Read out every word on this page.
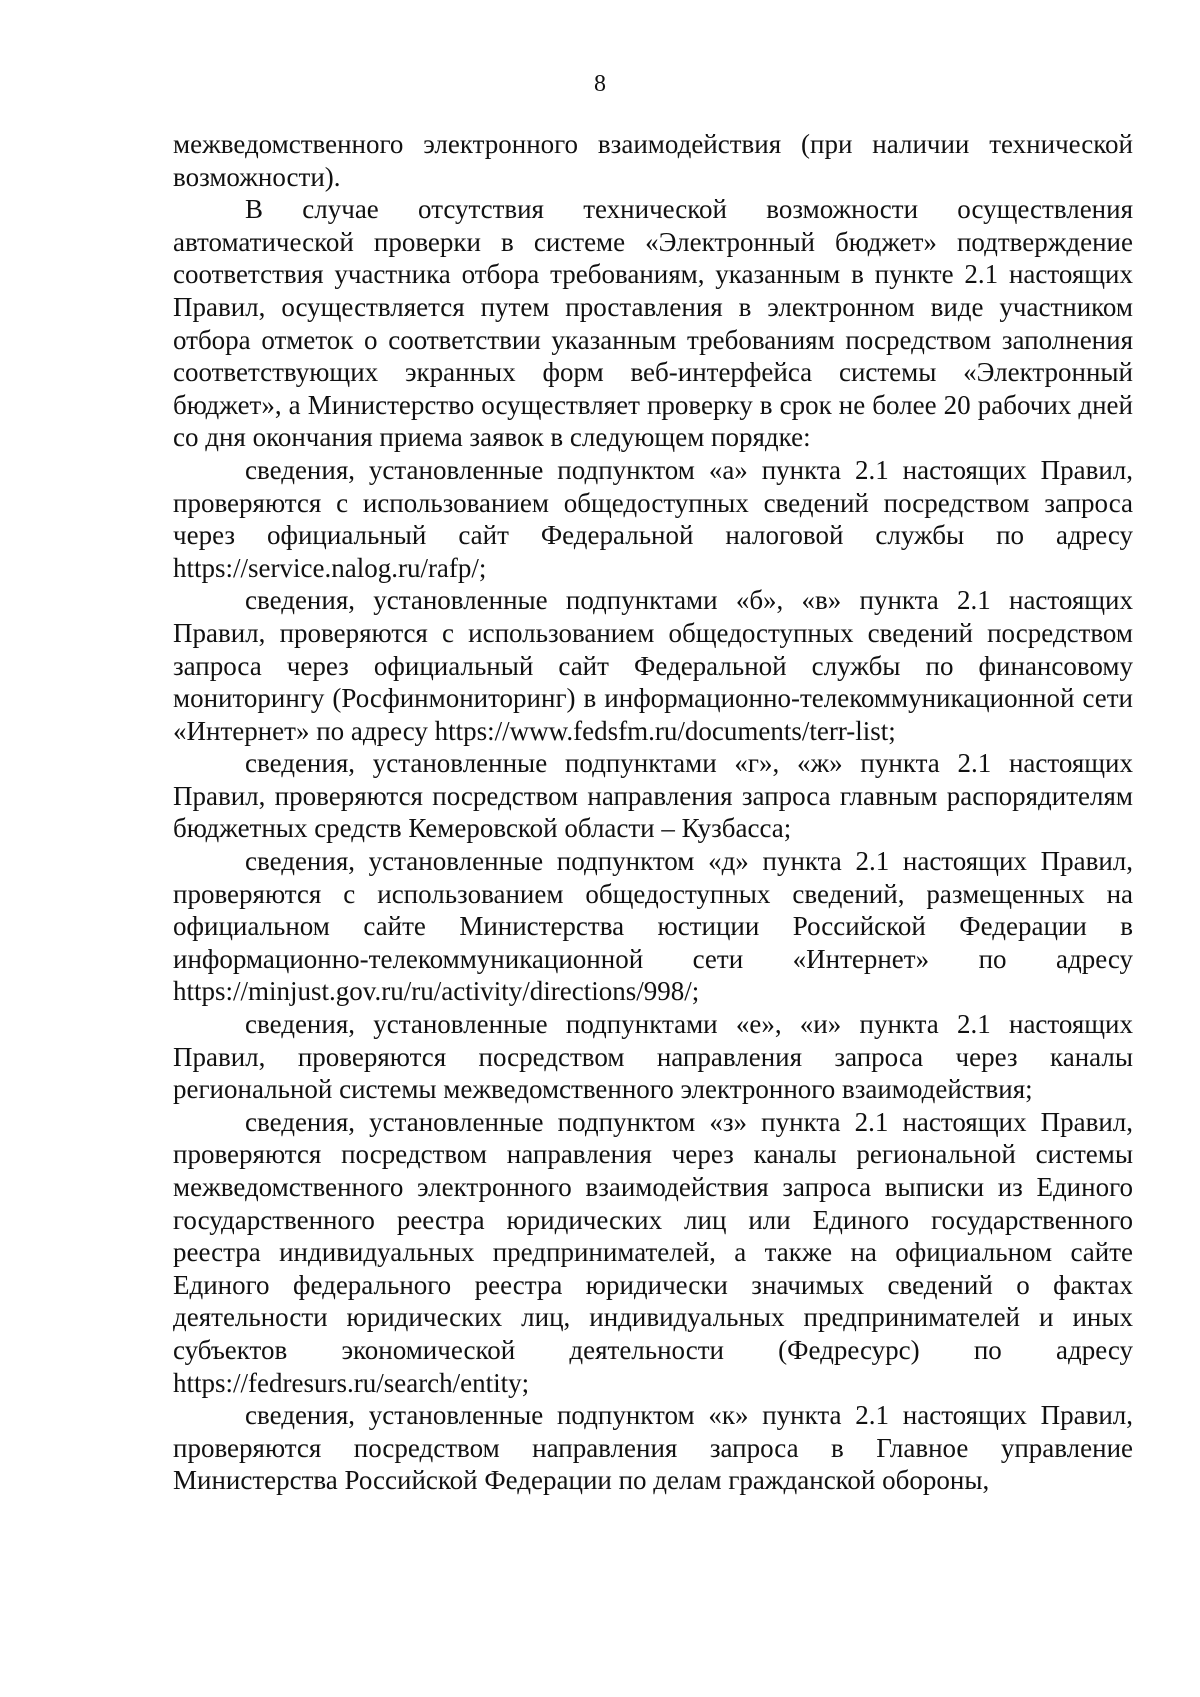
8

межведомственного электронного взаимодействия (при наличии технической возможности).

В случае отсутствия технической возможности осуществления автоматической проверки в системе «Электронный бюджет» подтверждение соответствия участника отбора требованиям, указанным в пункте 2.1 настоящих Правил, осуществляется путем проставления в электронном виде участником отбора отметок о соответствии указанным требованиям посредством заполнения соответствующих экранных форм веб-интерфейса системы «Электронный бюджет», а Министерство осуществляет проверку в срок не более 20 рабочих дней со дня окончания приема заявок в следующем порядке:

сведения, установленные подпунктом «а» пункта 2.1 настоящих Правил, проверяются с использованием общедоступных сведений посредством запроса через официальный сайт Федеральной налоговой службы по адресу https://service.nalog.ru/rafp/;

сведения, установленные подпунктами «б», «в» пункта 2.1 настоящих Правил, проверяются с использованием общедоступных сведений посредством запроса через официальный сайт Федеральной службы по финансовому мониторингу (Росфинмониторинг) в информационно-телекоммуникационной сети «Интернет» по адресу https://www.fedsfm.ru/documents/terr-list;

сведения, установленные подпунктами «г», «ж» пункта 2.1 настоящих Правил, проверяются посредством направления запроса главным распорядителям бюджетных средств Кемеровской области – Кузбасса;

сведения, установленные подпунктом «д» пункта 2.1 настоящих Правил, проверяются с использованием общедоступных сведений, размещенных на официальном сайте Министерства юстиции Российской Федерации в информационно-телекоммуникационной сети «Интернет» по адресу https://minjust.gov.ru/ru/activity/directions/998/;

сведения, установленные подпунктами «е», «и» пункта 2.1 настоящих Правил, проверяются посредством направления запроса через каналы региональной системы межведомственного электронного взаимодействия;

сведения, установленные подпунктом «з» пункта 2.1 настоящих Правил, проверяются посредством направления через каналы региональной системы межведомственного электронного взаимодействия запроса выписки из Единого государственного реестра юридических лиц или Единого государственного реестра индивидуальных предпринимателей, а также на официальном сайте Единого федерального реестра юридически значимых сведений о фактах деятельности юридических лиц, индивидуальных предпринимателей и иных субъектов экономической деятельности (Федресурс) по адресу https://fedresurs.ru/search/entity;

сведения, установленные подпунктом «к» пункта 2.1 настоящих Правил, проверяются посредством направления запроса в Главное управление Министерства Российской Федерации по делам гражданской обороны,
